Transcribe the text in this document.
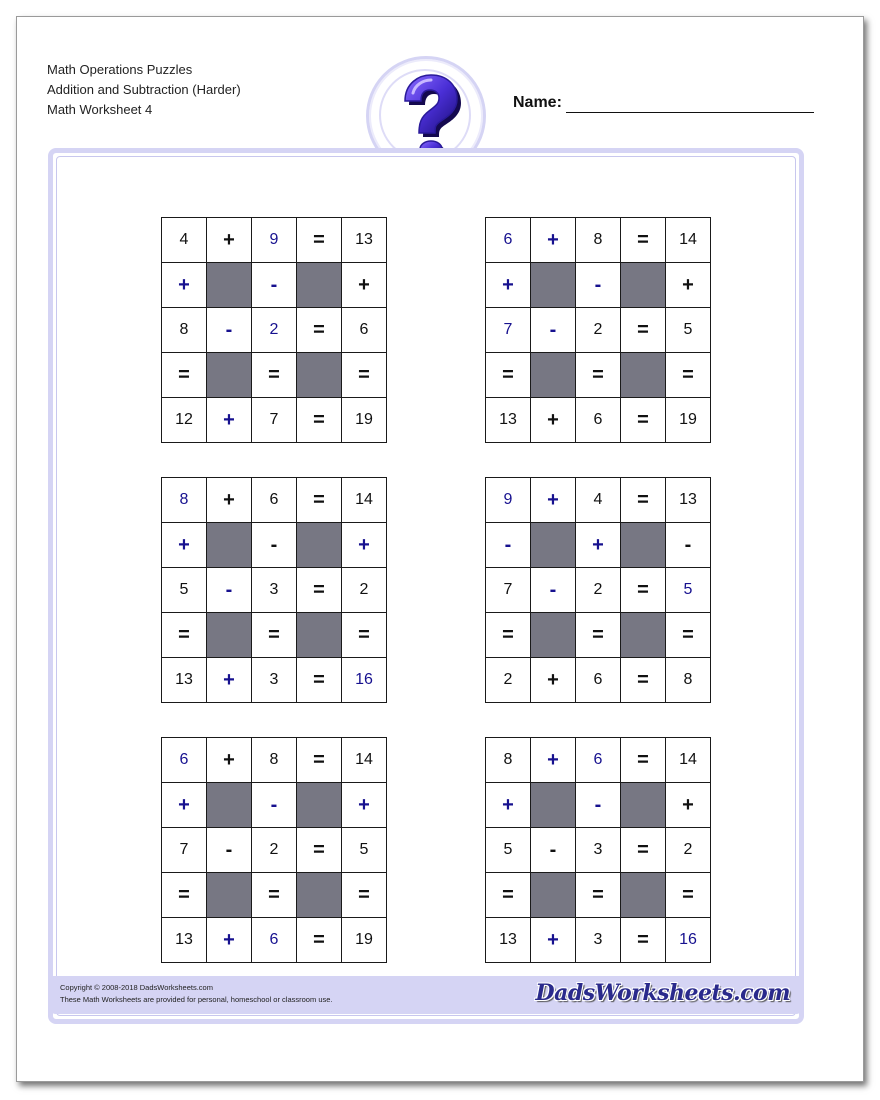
Math Operations Puzzles
Addition and Subtraction (Harder)
Math Worksheet 4	Name:
4	+	9	=	13
+		-		+
8	-	2	=	6
=		=		=
12	+	7	=	19
6	+	8	=	14
+		-		+
7	-	2	=	5
=		=		=
13	+	6	=	19
8	+	6	=	14
+		-		+
5	-	3	=	2
=		=		=
13	+	3	=	16
9	+	4	=	13
-		+		-
7	-	2	=	5
=		=		=
2	+	6	=	8
6	+	8	=	14
+		-		+
7	-	2	=	5
=		=		=
13	+	6	=	19
8	+	6	=	14
+		-		+
5	-	3	=	2
=		=		=
13	+	3	=	16
Copyright © 2008-2018 DadsWorksheets.com
These Math Worksheets are provided for personal, homeschool or classroom use.	DadsWorksheets.com
